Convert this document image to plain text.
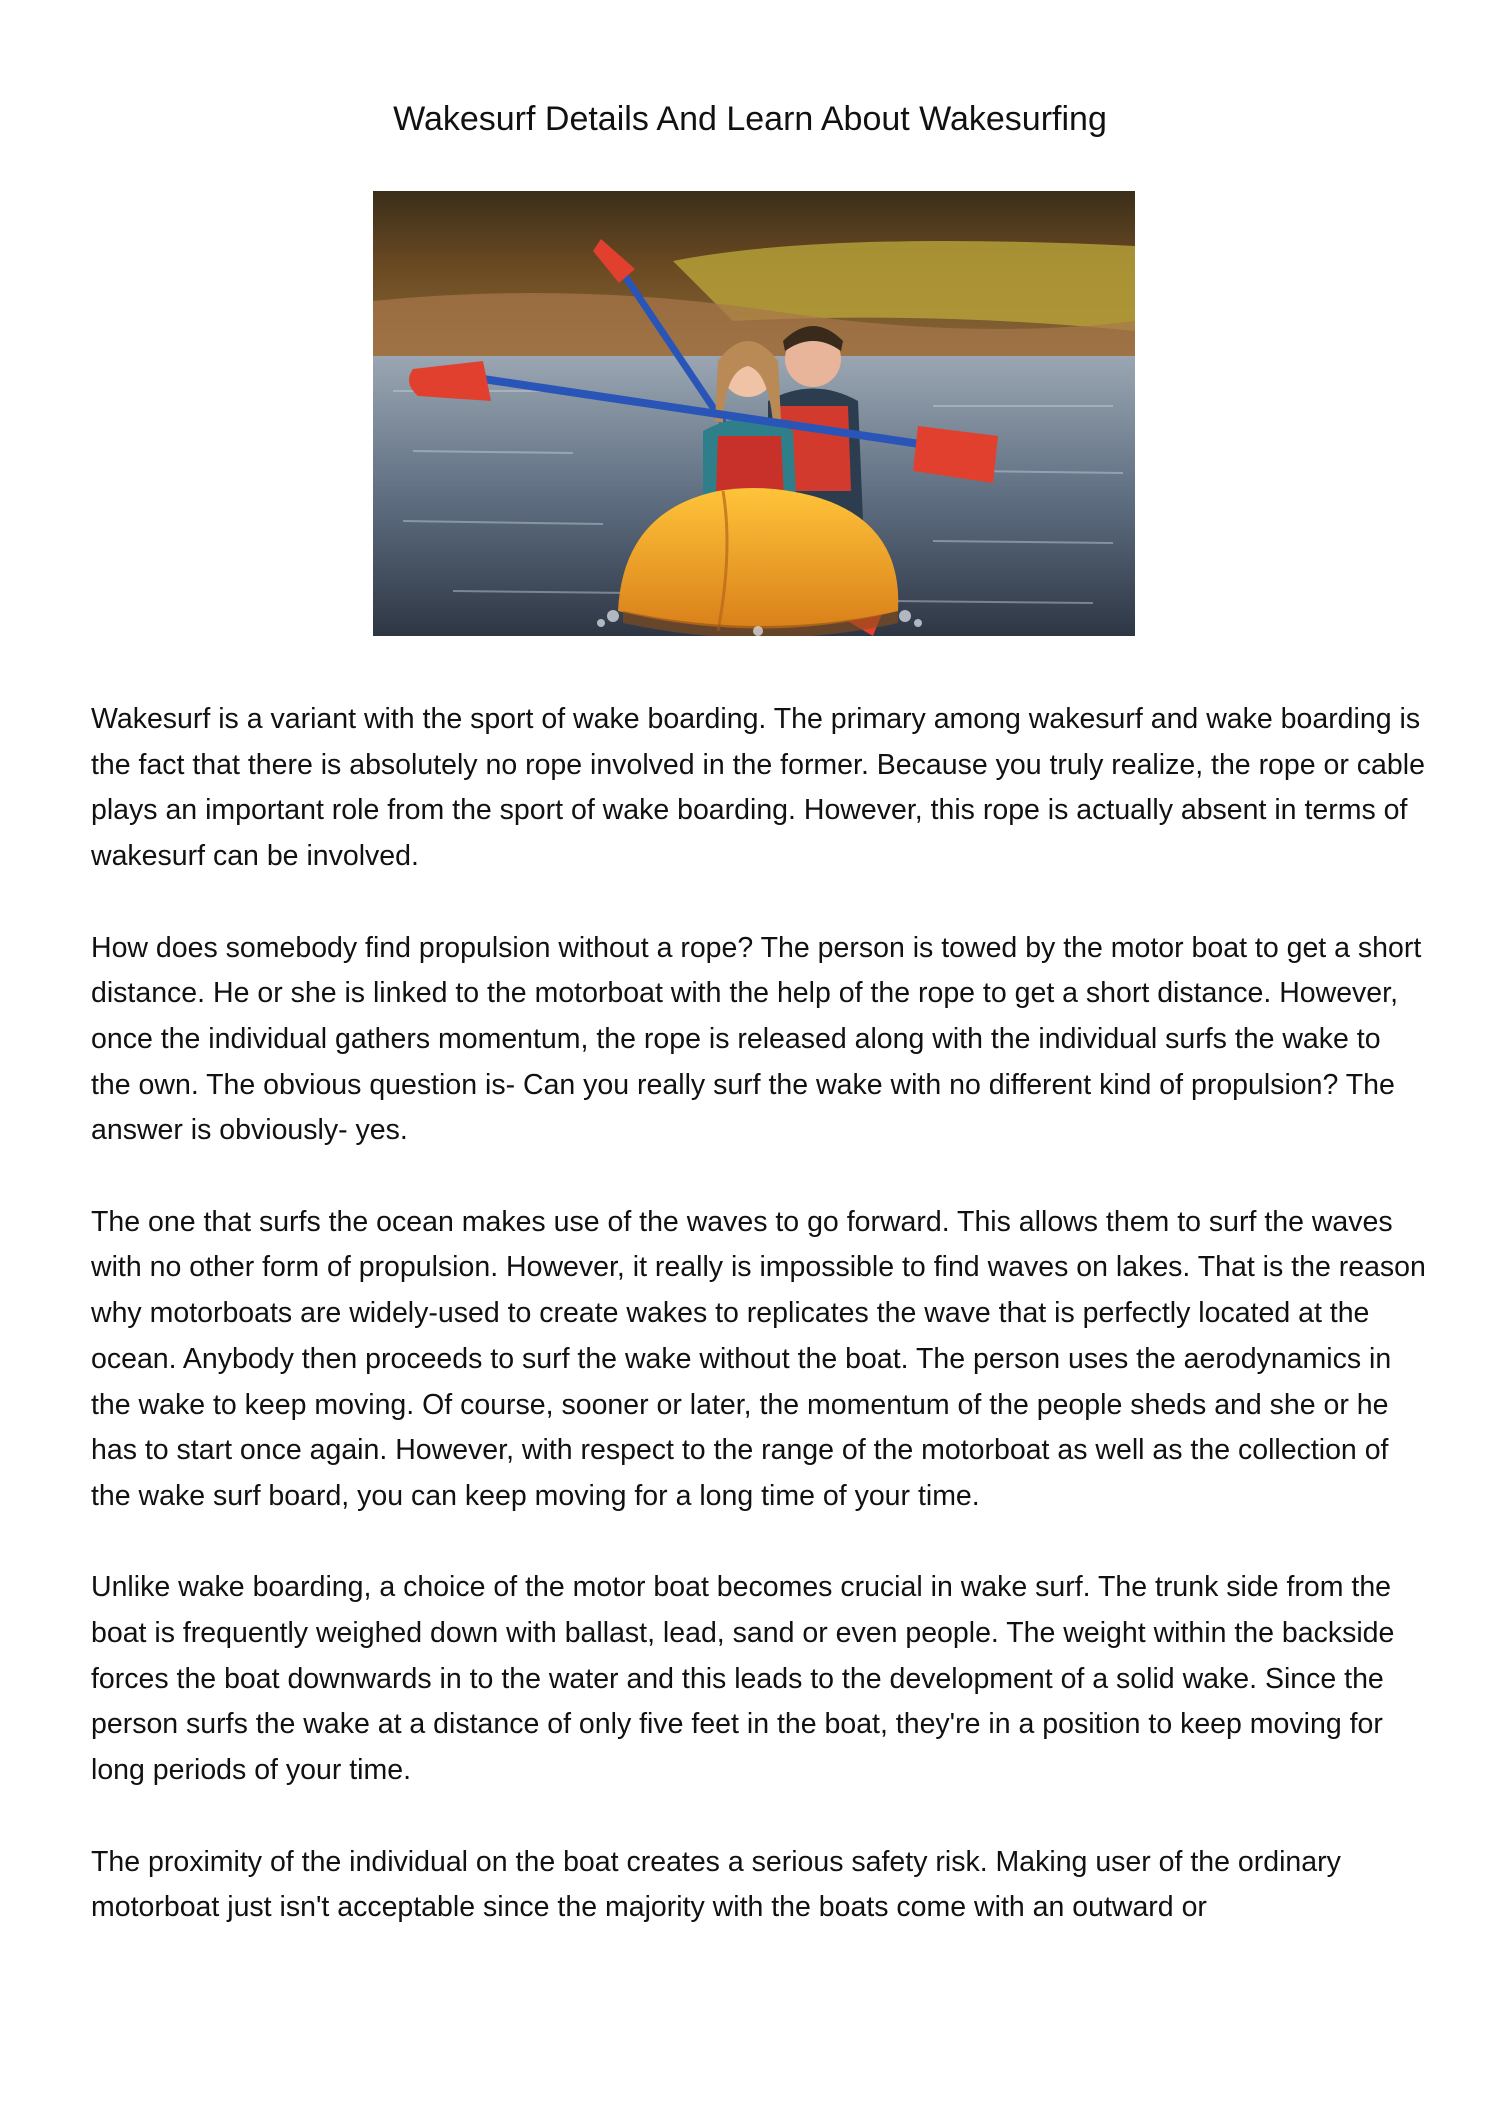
Wakesurf Details And Learn About Wakesurfing

Wakesurf is a variant with the sport of wake boarding. The primary among wakesurf and wake boarding is the fact that there is absolutely no rope involved in the former. Because you truly realize, the rope or cable plays an important role from the sport of wake boarding. However, this rope is actually absent in terms of wakesurf can be involved.

How does somebody find propulsion without a rope? The person is towed by the motor boat to get a short distance. He or she is linked to the motorboat with the help of the rope to get a short distance. However, once the individual gathers momentum, the rope is released along with the individual surfs the wake to the own. The obvious question is- Can you really surf the wake with no different kind of propulsion? The answer is obviously- yes.

The one that surfs the ocean makes use of the waves to go forward. This allows them to surf the waves with no other form of propulsion. However, it really is impossible to find waves on lakes. That is the reason why motorboats are widely-used to create wakes to replicates the wave that is perfectly located at the ocean. Anybody then proceeds to surf the wake without the boat. The person uses the aerodynamics in the wake to keep moving. Of course, sooner or later, the momentum of the people sheds and she or he has to start once again. However, with respect to the range of the motorboat as well as the collection of the wake surf board, you can keep moving for a long time of your time.

Unlike wake boarding, a choice of the motor boat becomes crucial in wake surf. The trunk side from the boat is frequently weighed down with ballast, lead, sand or even people. The weight within the backside forces the boat downwards in to the water and this leads to the development of a solid wake. Since the person surfs the wake at a distance of only five feet in the boat, they're in a position to keep moving for long periods of your time.

The proximity of the individual on the boat creates a serious safety risk. Making user of the ordinary motorboat just isn't acceptable since the majority with the boats come with an outward or
